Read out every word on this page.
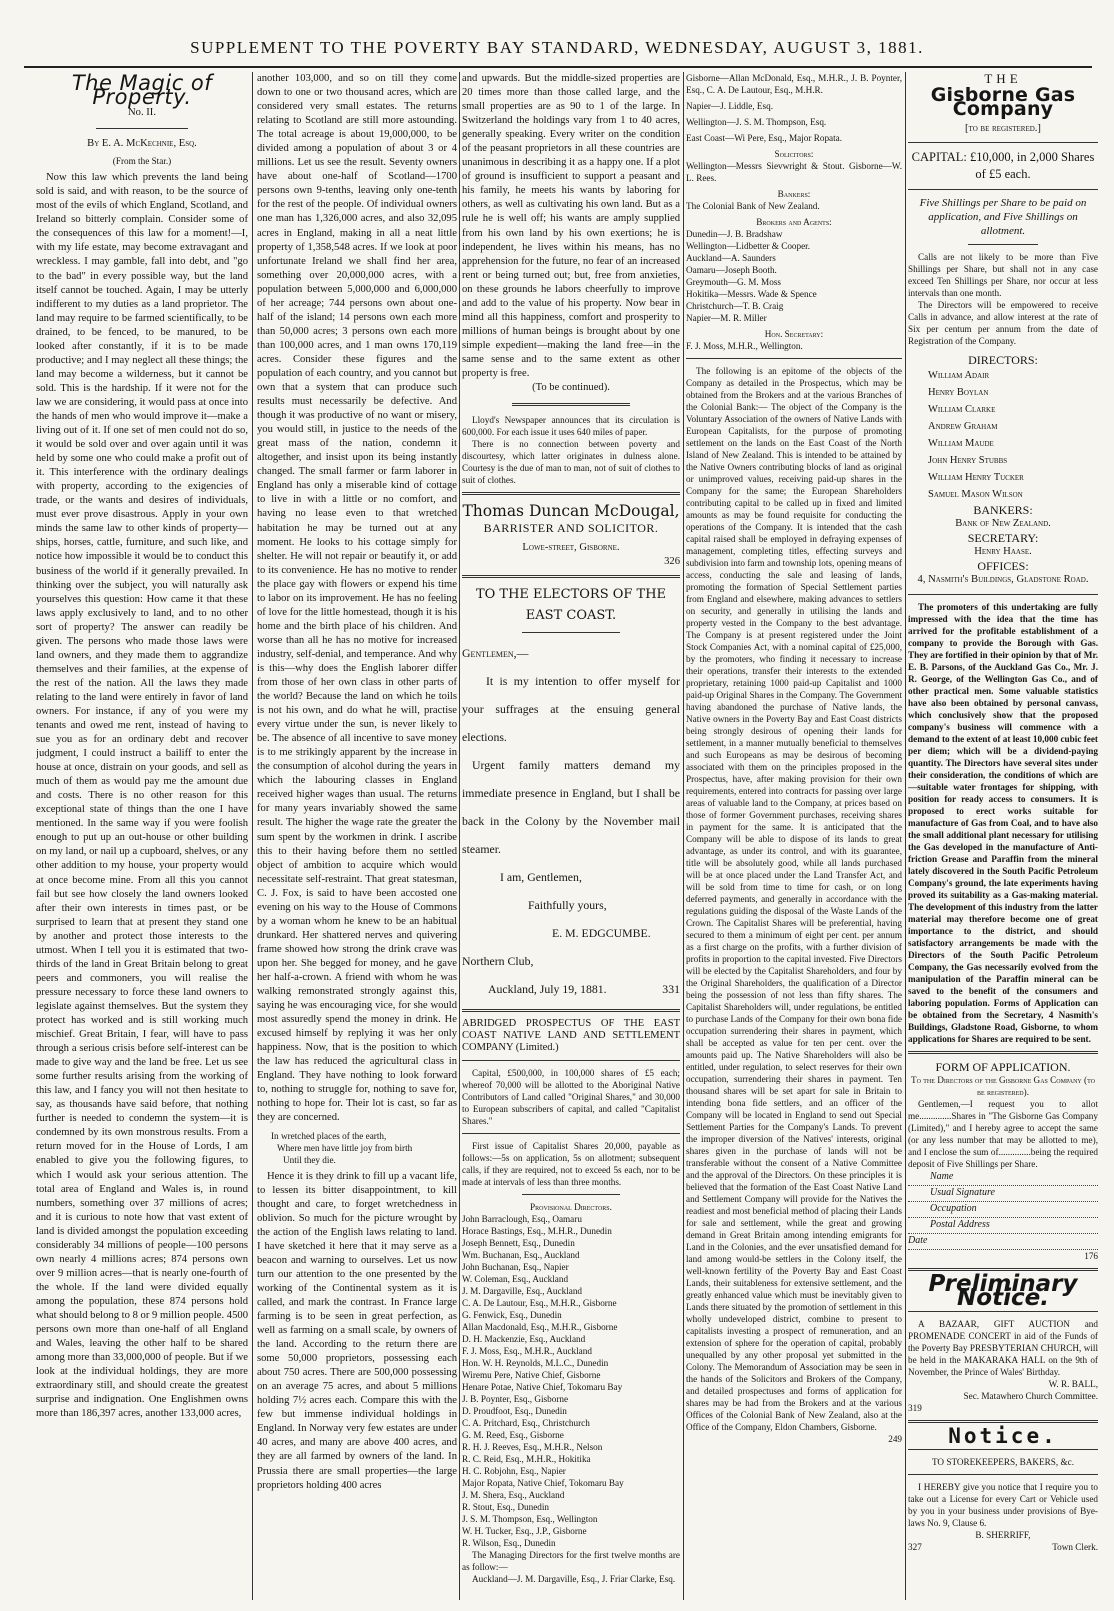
SUPPLEMENT TO THE POVERTY BAY STANDARD, WEDNESDAY, AUGUST 3, 1881.
The Magic of Property.

No. II.

By E. A. McKechnie, Esq.

(From the Star.)

Now this law which prevents the land being sold is said, and with reason, to be the source of most of the evils of which England, Scotland, and Ireland so bitterly complain. Consider some of the consequences of this law for a moment!—I, with my life estate, may become extravagant and wreckless. I may gamble, fall into debt, and "go to the bad" in every possible way, but the land itself cannot be touched. Again, I may be utterly indifferent to my duties as a land proprietor. The land may require to be farmed scientifically, to be drained, to be fenced, to be manured, to be looked after constantly, if it is to be made productive; and I may neglect all these things; the land may become a wilderness, but it cannot be sold. This is the hardship. If it were not for the law we are considering, it would pass at once into the hands of men who would improve it—make a living out of it. If one set of men could not do so, it would be sold over and over again until it was held by some one who could make a profit out of it. This interference with the ordinary dealings with property, according to the exigencies of trade, or the wants and desires of individuals, must ever prove disastrous. Apply in your own minds the same law to other kinds of property—ships, horses, cattle, furniture, and such like, and notice how impossible it would be to conduct this business of the world if it generally prevailed. In thinking over the subject, you will naturally ask yourselves this question: How came it that these laws apply exclusively to land, and to no other sort of property? The answer can readily be given. The persons who made those laws were land owners, and they made them to aggrandize themselves and their families, at the expense of the rest of the nation. All the laws they made relating to the land were entirely in favor of land owners. For instance, if any of you were my tenants and owed me rent, instead of having to sue you as for an ordinary debt and recover judgment, I could instruct a bailiff to enter the house at once, distrain on your goods, and sell as much of them as would pay me the amount due and costs. There is no other reason for this exceptional state of things than the one I have mentioned. In the same way if you were foolish enough to put up an out-house or other building on my land, or nail up a cupboard, shelves, or any other addition to my house, your property would at once become mine. From all this you cannot fail but see how closely the land owners looked after their own interests in times past, or be surprised to learn that at present they stand one by another and protect those interests to the utmost. When I tell you it is estimated that two-thirds of the land in Great Britain belong to great peers and commoners, you will realise the pressure necessary to force these land owners to legislate against themselves. But the system they protect has worked and is still working much mischief. Great Britain, I fear, will have to pass through a serious crisis before self-interest can be made to give way and the land be free. Let us see some further results arising from the working of this law, and I fancy you will not then hesitate to say, as thousands have said before, that nothing further is needed to condemn the system—it is condemned by its own monstrous results. From a return moved for in the House of Lords, I am enabled to give you the following figures, to which I would ask your serious attention. The total area of England and Wales is, in round numbers, something over 37 millions of acres; and it is curious to note how that vast extent of land is divided amongst the population exceeding considerably 34 millions of people—100 persons own nearly 4 millions acres; 874 persons own over 9 million acres—that is nearly one-fourth of the whole. If the land were divided equally among the population, these 874 persons hold what should belong to 8 or 9 million people. 4500 persons own more than one-half of all England and Wales, leaving the other half to be shared among more than 33,000,000 of people. But if we look at the individual holdings, they are more extraordinary still, and should create the greatest surprise and indignation. One Englishmen owns more than 186,397 acres, another 133,000 acres,

another 103,000, and so on till they come down to one or two thousand acres, which are considered very small estates. The returns relating to Scotland are still more astounding. The total acreage is about 19,000,000, to be divided among a population of about 3 or 4 millions. Let us see the result. Seventy owners have about one-half of Scotland—1700 persons own 9-tenths, leaving only one-tenth for the rest of the people. Of individual owners one man has 1,326,000 acres, and also 32,095 acres in England, making in all a neat little property of 1,358,548 acres. If we look at poor unfortunate Ireland we shall find her area, something over 20,000,000 acres, with a population between 5,000,000 and 6,000,000 of her acreage; 744 persons own about one-half of the island; 14 persons own each more than 50,000 acres; 3 persons own each more than 100,000 acres, and 1 man owns 170,119 acres. Consider these figures and the population of each country, and you cannot but own that a system that can produce such results must necessarily be defective. And though it was productive of no want or misery, you would still, in justice to the needs of the great mass of the nation, condemn it altogether, and insist upon its being instantly changed. The small farmer or farm laborer in England has only a miserable kind of cottage to live in with a little or no comfort, and having no lease even to that wretched habitation he may be turned out at any moment. He looks to his cottage simply for shelter. He will not repair or beautify it, or add to its convenience. He has no motive to render the place gay with flowers or expend his time to labor on its improvement. He has no feeling of love for the little homestead, though it is his home and the birth place of his children. And worse than all he has no motive for increased industry, self-denial, and temperance. And why is this—why does the English laborer differ from those of her own class in other parts of the world? Because the land on which he toils is not his own, and do what he will, practise every virtue under the sun, is never likely to be. The absence of all incentive to save money is to me strikingly apparent by the increase in the consumption of alcohol during the years in which the labouring classes in England received higher wages than usual. The returns for many years invariably showed the same result. The higher the wage rate the greater the sum spent by the workmen in drink. I ascribe this to their having before them no settled object of ambition to acquire which would necessitate self-restraint. That great statesman, C. J. Fox, is said to have been accosted one evening on his way to the House of Commons by a woman whom he knew to be an habitual drunkard. Her shattered nerves and quivering frame showed how strong the drink crave was upon her. She begged for money, and he gave her half-a-crown. A friend with whom he was walking remonstrated strongly against this, saying he was encouraging vice, for she would most assuredly spend the money in drink. He excused himself by replying it was her only happiness. Now, that is the position to which the law has reduced the agricultural class in England. They have nothing to look forward to, nothing to struggle for, nothing to save for, nothing to hope for. Their lot is cast, so far as they are concerned.

In wretched places of the earth,
Where men have little joy from birth
Until they die.

Hence it is they drink to fill up a vacant life, to lessen its bitter disappointment, to kill thought and care, to forget wretchedness in oblivion. So much for the picture wrought by the action of the English laws relating to land. I have sketched it here that it may serve as a beacon and warning to ourselves. Let us now turn our attention to the one presented by the working of the Continental system as it is called, and mark the contrast. In France large farming is to be seen in great perfection, as well as farming on a small scale, by owners of the land. According to the return there are some 50,000 proprietors, possessing each about 750 acres. There are 500,000 possessing on an average 75 acres, and about 5 millions holding 7½ acres each. Compare this with the few but immense individual holdings in England. In Norway very few estates are under 40 acres, and many are above 400 acres, and they are all farmed by owners of the land. In Prussia there are small properties—the large proprietors holding 400 acres

and upwards. But the middle-sized properties are 20 times more than those called large, and the small properties are as 90 to 1 of the large. In Switzerland the holdings vary from 1 to 40 acres, generally speaking. Every writer on the condition of the peasant proprietors in all these countries are unanimous in describing it as a happy one. If a plot of ground is insufficient to support a peasant and his family, he meets his wants by laboring for others, as well as cultivating his own land. But as a rule he is well off; his wants are amply supplied from his own land by his own exertions; he is independent, he lives within his means, has no apprehension for the future, no fear of an increased rent or being turned out; but, free from anxieties, on these grounds he labors cheerfully to improve and add to the value of his property. Now bear in mind all this happiness, comfort and prosperity to millions of human beings is brought about by one simple expedient—making the land free—in the same sense and to the same extent as other property is free.

(To be continued).

Lloyd's Newspaper announces that its circulation is 600,000. For each issue it uses 640 miles of paper.

There is no connection between poverty and discourtesy, which latter originates in dulness alone. Courtesy is the due of man to man, not of suit of clothes to suit of clothes.

Thomas Duncan McDougal,

BARRISTER AND SOLICITOR.

Lowe-street, Gisborne.

326

TO THE ELECTORS OF THE EAST COAST.

Gentlemen,—

It is my intention to offer myself for your suffrages at the ensuing general elections.

Urgent family matters demand my immediate presence in England, but I shall be back in the Colony by the November mail steamer.

I am, Gentlemen,

Faithfully yours,

E. M. EDGCUMBE.

Northern Club,

Auckland, July 19, 1881.	331

ABRIDGED PROSPECTUS OF THE EAST COAST NATIVE LAND AND SETTLEMENT COMPANY (Limited.)

Capital, £500,000, in 100,000 shares of £5 each; whereof 70,000 will be allotted to the Aboriginal Native Contributors of Land called "Original Shares," and 30,000 to European subscribers of capital, and called "Capitalist Shares."

First issue of Capitalist Shares 20,000, payable as follows:—5s on application, 5s on allotment; subsequent calls, if they are required, not to exceed 5s each, nor to be made at intervals of less than three months.

Provisional Directors.

John Barraclough, Esq., Oamaru
Horace Bastings, Esq., M.H.R., Dunedin
Joseph Bennett, Esq., Dunedin
Wm. Buchanan, Esq., Auckland
John Buchanan, Esq., Napier
W. Coleman, Esq., Auckland
J. M. Dargaville, Esq., Auckland
C. A. De Lautour, Esq., M.H.R., Gisborne
G. Fenwick, Esq., Dunedin
Allan Macdonald, Esq., M.H.R., Gisborne
D. H. Mackenzie, Esq., Auckland
F. J. Moss, Esq., M.H.R., Auckland
Hon. W. H. Reynolds, M.L.C., Dunedin
Wiremu Pere, Native Chief, Gisborne
Henare Potae, Native Chief, Tokomaru Bay
J. B. Poynter, Esq., Gisborne
D. Proudfoot, Esq., Dunedin
C. A. Pritchard, Esq., Christchurch
G. M. Reed, Esq., Gisborne
R. H. J. Reeves, Esq., M.H.R., Nelson
R. C. Reid, Esq., M.H.R., Hokitika
H. C. Robjohn, Esq., Napier
Major Ropata, Native Chief, Tokomaru Bay
J. M. Shera, Esq., Auckland
R. Stout, Esq., Dunedin
J. S. M. Thompson, Esq., Wellington
W. H. Tucker, Esq., J.P., Gisborne
R. Wilson, Esq., Dunedin

The Managing Directors for the first twelve months are as follow:—

Auckland—J. M. Dargaville, Esq., J. Friar Clarke, Esq.

Gisborne—Allan McDonald, Esq., M.H.R., J. B. Poynter, Esq., C. A. De Lautour, Esq., M.H.R.

Napier—J. Liddle, Esq.

Wellington—J. S. M. Thompson, Esq.

East Coast—Wi Pere, Esq., Major Ropata.

Solicitors:

Wellington—Messrs Sievwright & Stout. Gisborne—W. L. Rees.

Bankers:

The Colonial Bank of New Zealand.

Brokers and Agents:

Dunedin—J. B. Bradshaw
Wellington—Lidbetter & Cooper.
Auckland—A. Saunders
Oamaru—Joseph Booth.
Greymouth—G. M. Moss
Hokitika—Messrs. Wade & Spence
Christchurch—T. B. Craig
Napier—M. R. Miller

Hon. Secretary:

F. J. Moss, M.H.R., Wellington.

The following is an epitome of the objects of the Company as detailed in the Prospectus, which may be obtained from the Brokers and at the various Branches of the Colonial Bank:— The object of the Company is the Voluntary Association of the owners of Native Lands with European Capitalists, for the purpose of promoting settlement on the lands on the East Coast of the North Island of New Zealand. This is intended to be attained by the Native Owners contributing blocks of land as original or unimproved values, receiving paid-up shares in the Company for the same; the European Shareholders contributing capital to be called up in fixed and limited amounts as may be found requisite for conducting the operations of the Company. It is intended that the cash capital raised shall be employed in defraying expenses of management, completing titles, effecting surveys and subdivision into farm and township lots, opening means of access, conducting the sale and leasing of lands, promoting the formation of Special Settlement parties from England and elsewhere, making advances to settlers on security, and generally in utilising the lands and property vested in the Company to the best advantage. The Company is at present registered under the Joint Stock Companies Act, with a nominal capital of £25,000, by the promoters, who finding it necessary to increase their operations, transfer their interests to the extended proprietary, retaining 1000 paid-up Capitalist and 1000 paid-up Original Shares in the Company. The Government having abandoned the purchase of Native lands, the Native owners in the Poverty Bay and East Coast districts being strongly desirous of opening their lands for settlement, in a manner mutually beneficial to themselves and such Europeans as may be desirous of becoming associated with them on the principles proposed in the Prospectus, have, after making provision for their own requirements, entered into contracts for passing over large areas of valuable land to the Company, at prices based on those of former Government purchases, receiving shares in payment for the same. It is anticipated that the Company will be able to dispose of its lands to great advantage, as under its control, and with its guarantee, title will be absolutely good, while all lands purchased will be at once placed under the Land Transfer Act, and will be sold from time to time for cash, or on long deferred payments, and generally in accordance with the regulations guiding the disposal of the Waste Lands of the Crown. The Capitalist Shares will be preferential, having secured to them a minimum of eight per cent. per annum as a first charge on the profits, with a further division of profits in proportion to the capital invested. Five Directors will be elected by the Capitalist Shareholders, and four by the Original Shareholders, the qualification of a Director being the possession of not less than fifty shares. The Capitalist Shareholders will, under regulations, be entitled to purchase Lands of the Company for their own bona fide occupation surrendering their shares in payment, which shall be accepted as value for ten per cent. over the amounts paid up. The Native Shareholders will also be entitled, under regulation, to select reserves for their own occupation, surrendering their shares in payment. Ten thousand shares will be set apart for sale in Britain to intending bona fide settlers, and an officer of the Company will be located in England to send out Special Settlement Parties for the Company's Lands. To prevent the improper diversion of the Natives' interests, original shares given in the purchase of lands will not be transferable without the consent of a Native Committee and the approval of the Directors. On these principles it is believed that the formation of the East Coast Native Land and Settlement Company will provide for the Natives the readiest and most beneficial method of placing their Lands for sale and settlement, while the great and growing demand in Great Britain among intending emigrants for Land in the Colonies, and the ever unsatisfied demand for land among would-be settlers in the Colony itself, the well-known fertility of the Poverty Bay and East Coast Lands, their suitableness for extensive settlement, and the greatly enhanced value which must be inevitably given to Lands there situated by the promotion of settlement in this wholly undeveloped district, combine to present to capitalists investing a prospect of remuneration, and an extension of sphere for the operation of capital, probably unequalled by any other proposal yet submitted in the Colony. The Memorandum of Association may be seen in the hands of the Solicitors and Brokers of the Company, and detailed prospectuses and forms of application for shares may be had from the Brokers and at the various Offices of the Colonial Bank of New Zealand, also at the Office of the Company, Eldon Chambers, Gisborne.

249

THE
Gisborne Gas Company

[to be registered.]

CAPITAL: £10,000, in 2,000 Shares of £5 each.

Five Shillings per Share to be paid on application, and Five Shillings on allotment.

Calls are not likely to be more than Five Shillings per Share, but shall not in any case exceed Ten Shillings per Share, nor occur at less intervals than one month.

The Directors will be empowered to receive Calls in advance, and allow interest at the rate of Six per centum per annum from the date of Registration of the Company.

DIRECTORS:

William Adair
Henry Boylan
William Clarke
Andrew Graham
William Maude
John Henry Stubbs
William Henry Tucker
Samuel Mason Wilson

BANKERS:

Bank of New Zealand.

SECRETARY:

Henry Haase.

OFFICES:

4, Nasmith's Buildings, Gladstone Road.

The promoters of this undertaking are fully impressed with the idea that the time has arrived for the profitable establishment of a company to provide the Borough with Gas. They are fortified in their opinion by that of Mr. E. B. Parsons, of the Auckland Gas Co., Mr. J. R. George, of the Wellington Gas Co., and of other practical men. Some valuable statistics have also been obtained by personal canvass, which conclusively show that the proposed company's business will commence with a demand to the extent of at least 10,000 cubic feet per diem; which will be a dividend-paying quantity. The Directors have several sites under their consideration, the conditions of which are—suitable water frontages for shipping, with position for ready access to consumers. It is proposed to erect works suitable for manufacture of Gas from Coal, and to have also the small additional plant necessary for utilising the Gas developed in the manufacture of Anti-friction Grease and Paraffin from the mineral lately discovered in the South Pacific Petroleum Company's ground, the late experiments having proved its suitability as a Gas-making material. The development of this industry from the latter material may therefore become one of great importance to the district, and should satisfactory arrangements be made with the Directors of the South Pacific Petroleum Company, the Gas necessarily evolved from the manipulation of the Paraffin mineral can be saved to the benefit of the consumers and laboring population. Forms of Application can be obtained from the Secretary, 4 Nasmith's Buildings, Gladstone Road, Gisborne, to whom applications for Shares are required to be sent.

FORM OF APPLICATION.

To the Directors of the Gisborne Gas Company (to be registered).

Gentlemen,—I request you to allot me..............Shares in "The Gisborne Gas Company (Limited)," and I hereby agree to accept the same (or any less number that may be allotted to me), and I enclose the sum of..............being the required deposit of Five Shillings per Share.

Name
Usual Signature
Occupation
Postal Address
Date

176

Preliminary Notice.

A BAZAAR, GIFT AUCTION and PROMENADE CONCERT in aid of the Funds of the Poverty Bay PRESBYTERIAN CHURCH, will be held in the MAKARAKA HALL on the 9th of November, the Prince of Wales' Birthday.

W. R. BALL,

Sec. Matawhero Church Committee.

319

Notice.

TO STOREKEEPERS, BAKERS, &c.

I HEREBY give you notice that I require you to take out a License for every Cart or Vehicle used by you in your business under provisions of Bye-laws No. 9, Clause 6.

B. SHERRIFF,

327	Town Clerk.
